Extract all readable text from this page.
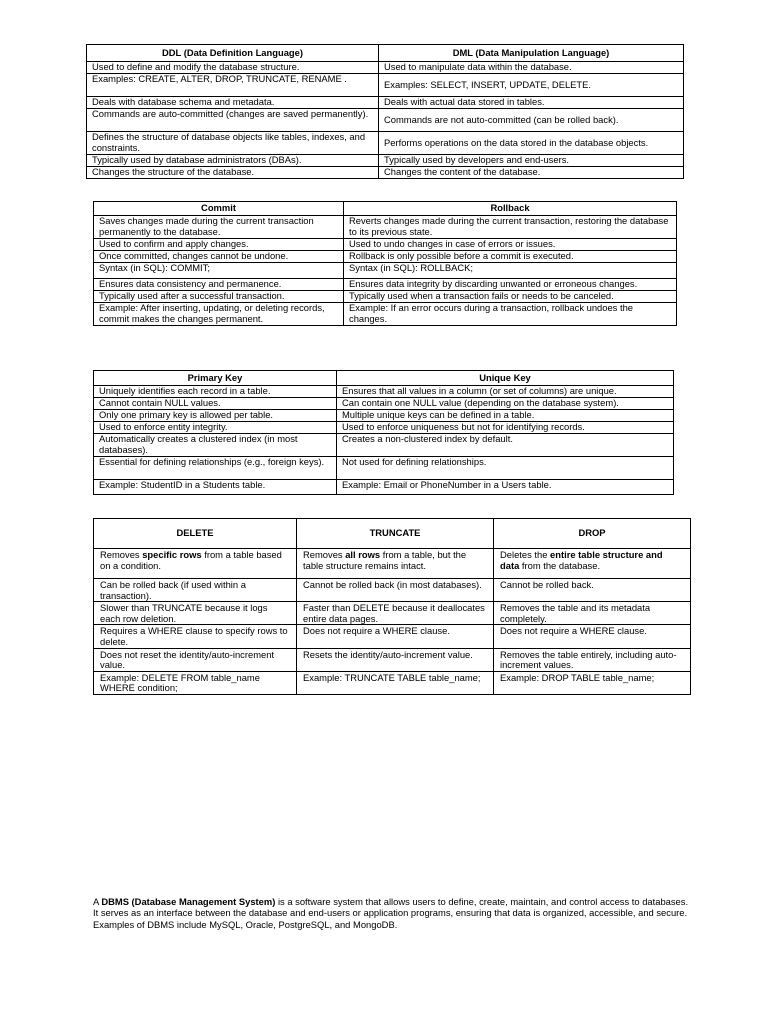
DDL (Data Definition Language)	DML (Data Manipulation Language)
Used to define and modify the database structure.	Used to manipulate data within the database.
Examples: CREATE, ALTER, DROP, TRUNCATE, RENAME .	Examples: SELECT, INSERT, UPDATE, DELETE.
Deals with database schema and metadata.	Deals with actual data stored in tables.
Commands are auto-committed (changes are saved permanently).	Commands are not auto-committed (can be rolled back).
Defines the structure of database objects like tables, indexes, and constraints.	Performs operations on the data stored in the database objects.
Typically used by database administrators (DBAs).	Typically used by developers and end-users.
Changes the structure of the database.	Changes the content of the database.
Commit	Rollback
Saves changes made during the current transaction permanently to the database.	Reverts changes made during the current transaction, restoring the database to its previous state.
Used to confirm and apply changes.	Used to undo changes in case of errors or issues.
Once committed, changes cannot be undone.	Rollback is only possible before a commit is executed.
Syntax (in SQL): COMMIT;	Syntax (in SQL): ROLLBACK;
Ensures data consistency and permanence.	Ensures data integrity by discarding unwanted or erroneous changes.
Typically used after a successful transaction.	Typically used when a transaction fails or needs to be canceled.
Example: After inserting, updating, or deleting records, commit makes the changes permanent.	Example: If an error occurs during a transaction, rollback undoes the changes.
Primary Key	Unique Key
Uniquely identifies each record in a table.	Ensures that all values in a column (or set of columns) are unique.
Cannot contain NULL values.	Can contain one NULL value (depending on the database system).
Only one primary key is allowed per table.	Multiple unique keys can be defined in a table.
Used to enforce entity integrity.	Used to enforce uniqueness but not for identifying records.
Automatically creates a clustered index (in most databases).	Creates a non-clustered index by default.
Essential for defining relationships (e.g., foreign keys).	Not used for defining relationships.
Example: StudentID in a Students table.	Example: Email or PhoneNumber in a Users table.
DELETE	TRUNCATE	DROP
Removes specific rows from a table based on a condition.	Removes all rows from a table, but the table structure remains intact.	Deletes the entire table structure and data from the database.
Can be rolled back (if used within a transaction).	Cannot be rolled back (in most databases).	Cannot be rolled back.
Slower than TRUNCATE because it logs each row deletion.	Faster than DELETE because it deallocates entire data pages.	Removes the table and its metadata completely.
Requires a WHERE clause to specify rows to delete.	Does not require a WHERE clause.	Does not require a WHERE clause.
Does not reset the identity/auto-increment value.	Resets the identity/auto-increment value.	Removes the table entirely, including auto-increment values.
Example: DELETE FROM table_name WHERE condition;	Example: TRUNCATE TABLE table_name;	Example: DROP TABLE table_name;

A DBMS (Database Management System) is a software system that allows users to define, create, maintain, and control access to databases. It serves as an interface between the database and end-users or application programs, ensuring that data is organized, accessible, and secure. Examples of DBMS include MySQL, Oracle, PostgreSQL, and MongoDB.
